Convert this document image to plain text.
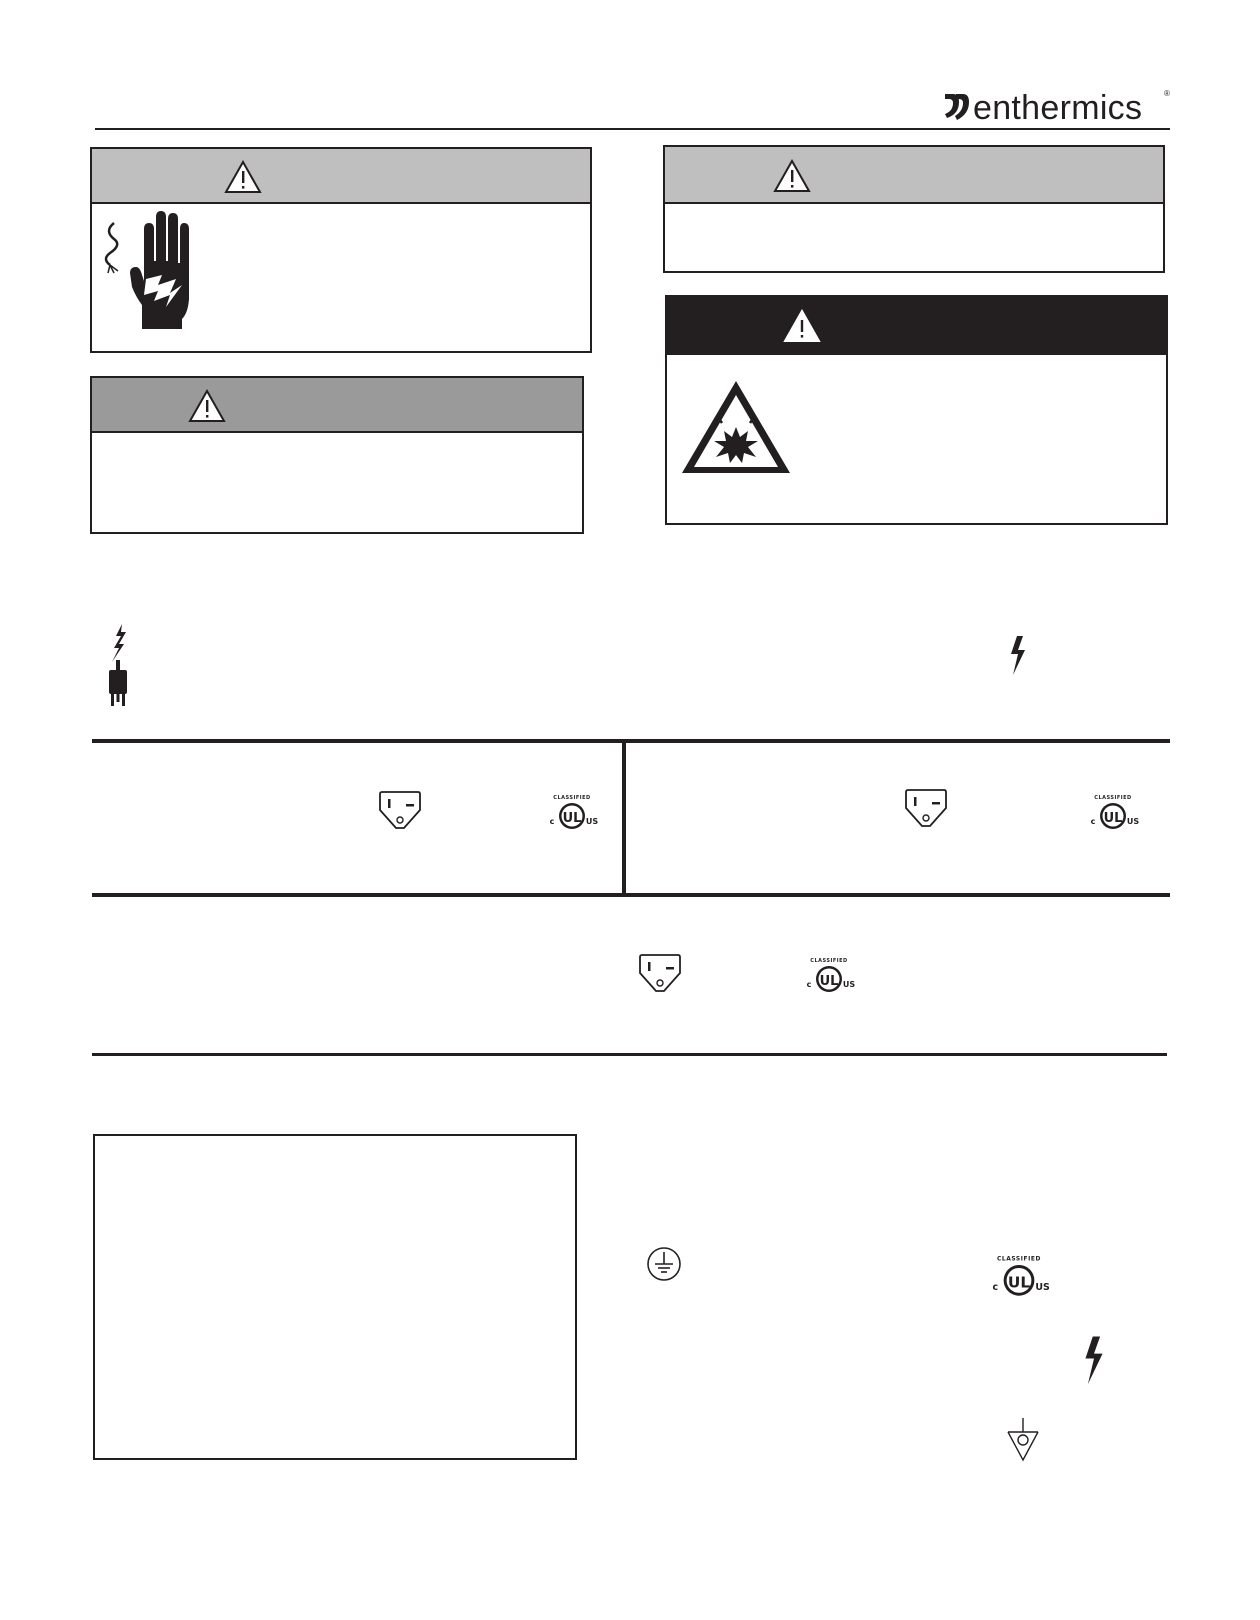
enthermics	®
CLASSIFIED
UL
c	US
CLASSIFIED
UL
c	US
CLASSIFIED
UL
c	US
CLASSIFIED
UL
c	US
